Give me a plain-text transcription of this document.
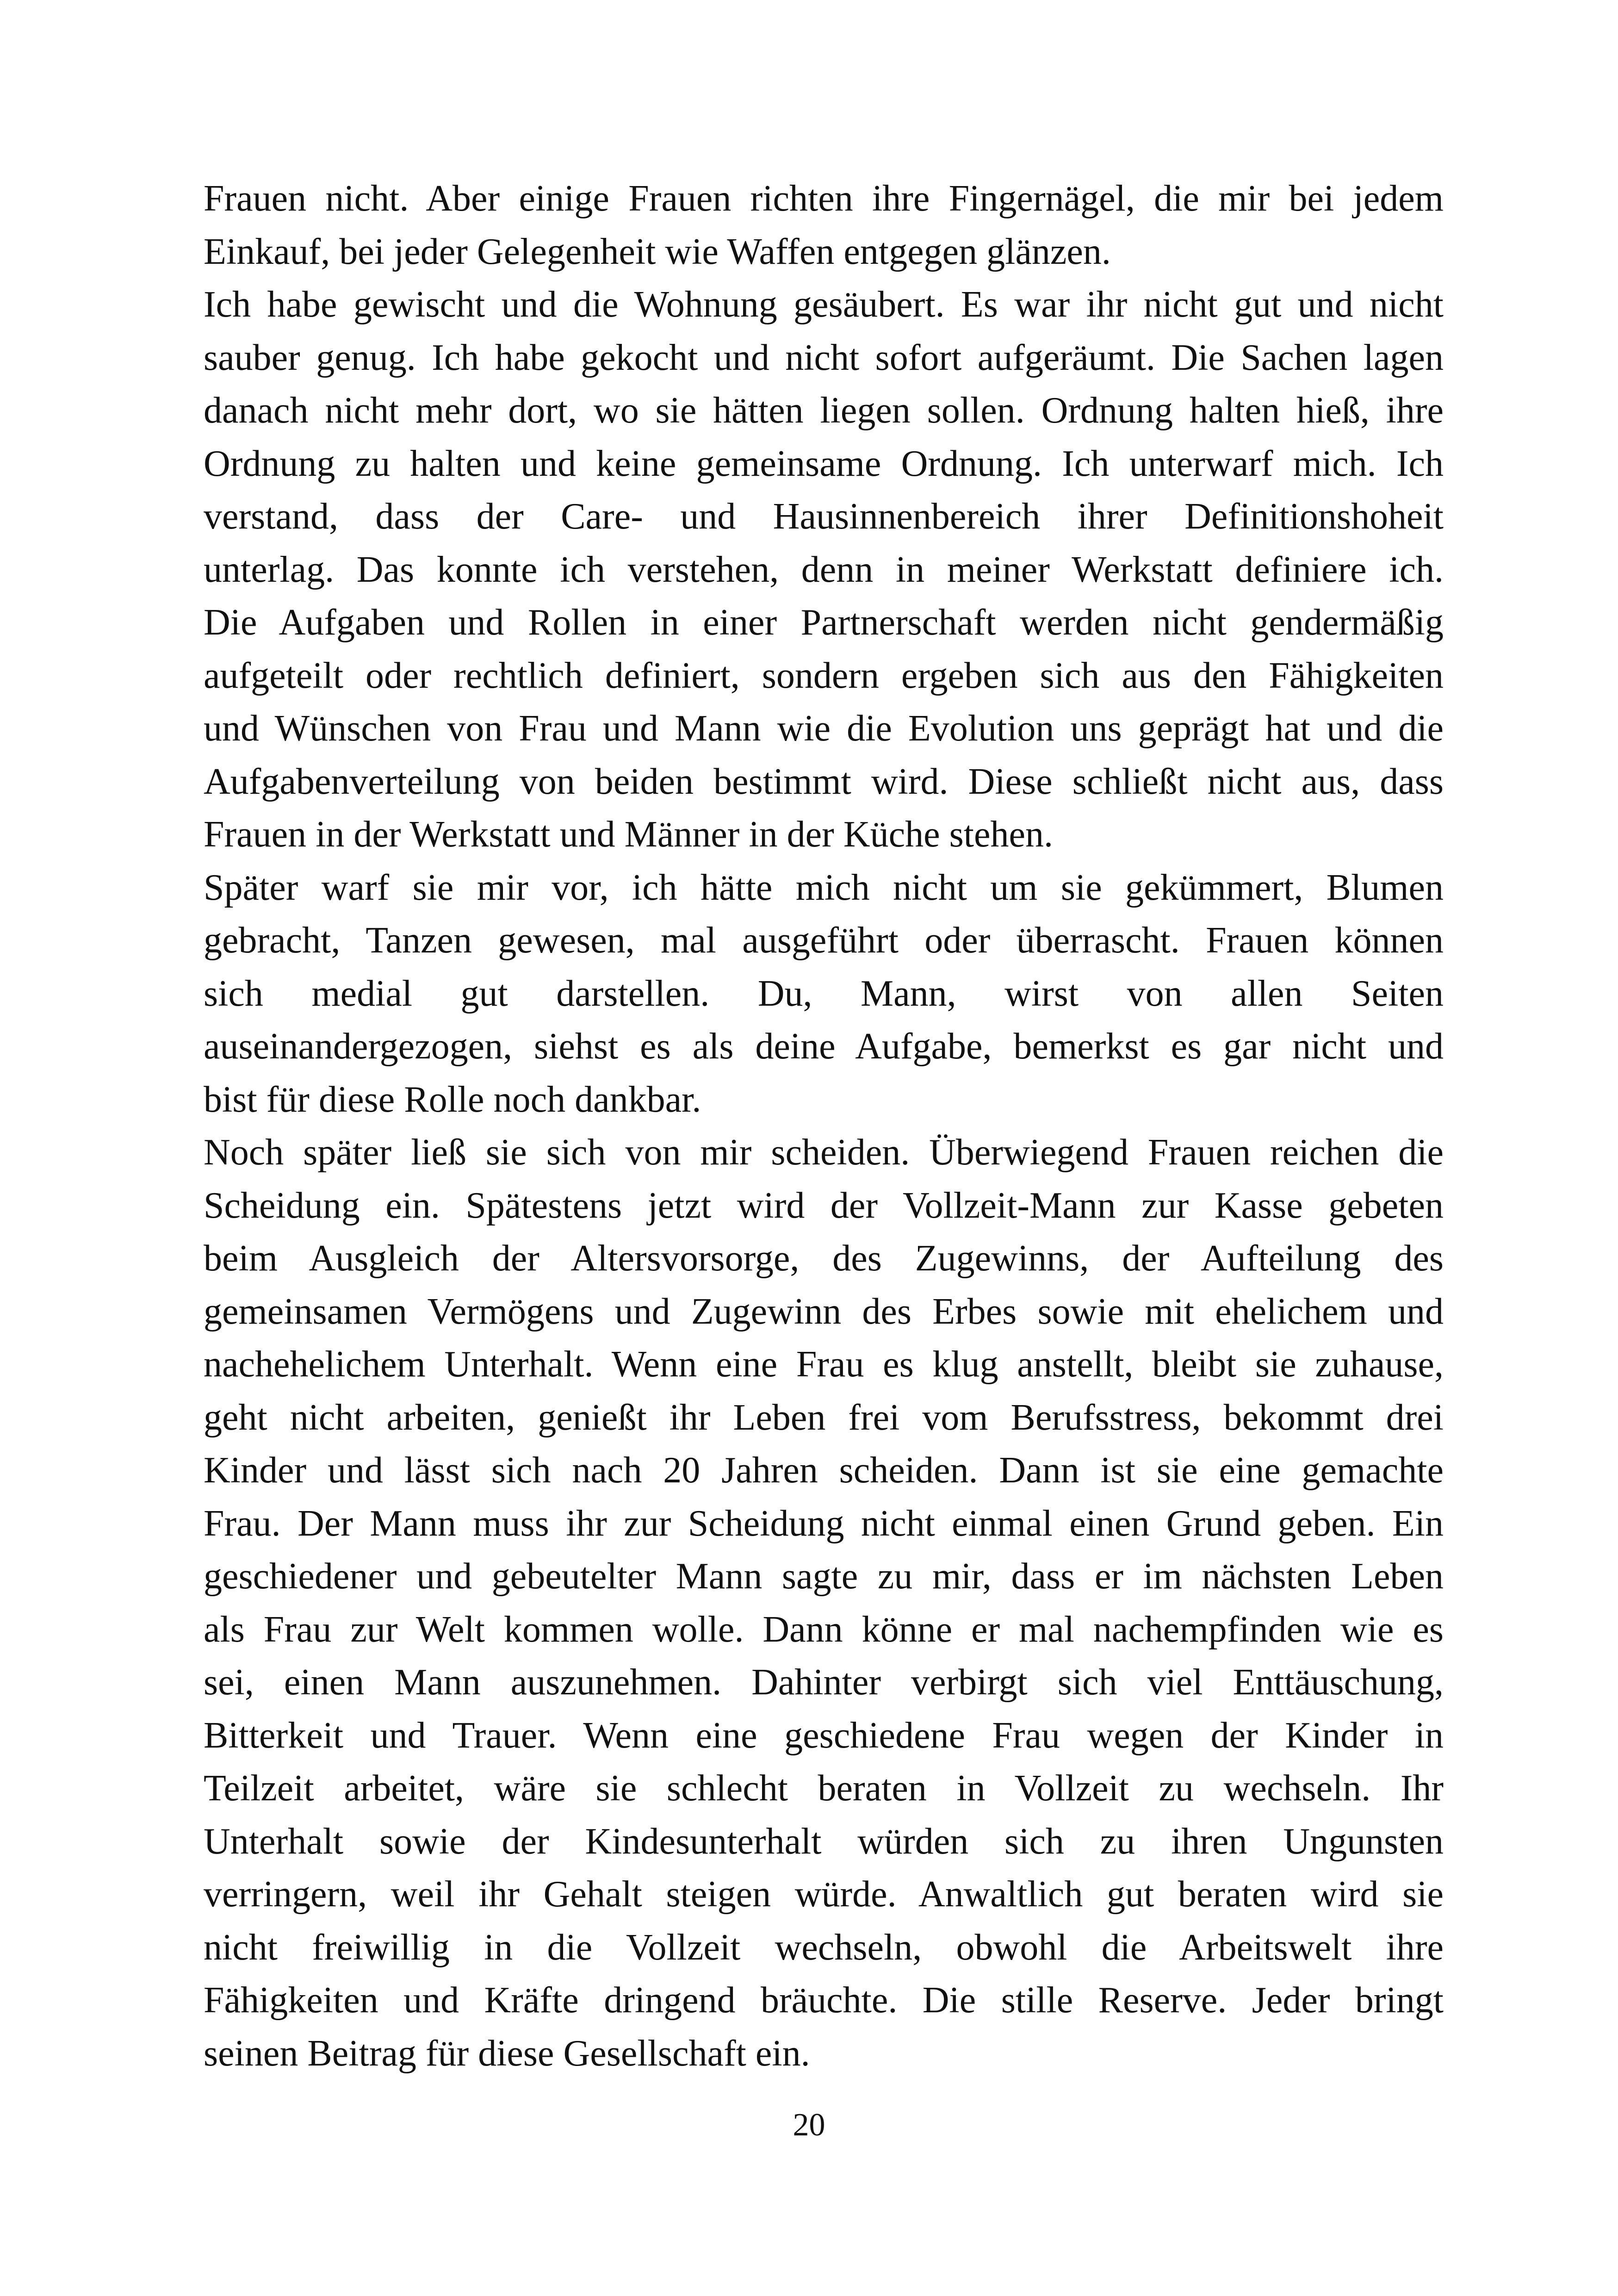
Frauen nicht. Aber einige Frauen richten ihre Fingernägel, die mir bei jedem
Einkauf, bei jeder Gelegenheit wie Waffen entgegen glänzen.

Ich habe gewischt und die Wohnung gesäubert. Es war ihr nicht gut und nicht
sauber genug. Ich habe gekocht und nicht sofort aufgeräumt. Die Sachen lagen
danach nicht mehr dort, wo sie hätten liegen sollen. Ordnung halten hieß, ihre
Ordnung zu halten und keine gemeinsame Ordnung. Ich unterwarf mich. Ich
verstand, dass der Care- und Hausinnenbereich ihrer Definitionshoheit
unterlag. Das konnte ich verstehen, denn in meiner Werkstatt definiere ich.
Die Aufgaben und Rollen in einer Partnerschaft werden nicht gendermäßig
aufgeteilt oder rechtlich definiert, sondern ergeben sich aus den Fähigkeiten
und Wünschen von Frau und Mann wie die Evolution uns geprägt hat und die
Aufgabenverteilung von beiden bestimmt wird. Diese schließt nicht aus, dass
Frauen in der Werkstatt und Männer in der Küche stehen.

Später warf sie mir vor, ich hätte mich nicht um sie gekümmert, Blumen
gebracht, Tanzen gewesen, mal ausgeführt oder überrascht. Frauen können
sich medial gut darstellen. Du, Mann, wirst von allen Seiten
auseinandergezogen, siehst es als deine Aufgabe, bemerkst es gar nicht und
bist für diese Rolle noch dankbar.

Noch später ließ sie sich von mir scheiden. Überwiegend Frauen reichen die
Scheidung ein. Spätestens jetzt wird der Vollzeit-Mann zur Kasse gebeten
beim Ausgleich der Altersvorsorge, des Zugewinns, der Aufteilung des
gemeinsamen Vermögens und Zugewinn des Erbes sowie mit ehelichem und
nachehelichem Unterhalt. Wenn eine Frau es klug anstellt, bleibt sie zuhause,
geht nicht arbeiten, genießt ihr Leben frei vom Berufsstress, bekommt drei
Kinder und lässt sich nach 20 Jahren scheiden. Dann ist sie eine gemachte
Frau. Der Mann muss ihr zur Scheidung nicht einmal einen Grund geben. Ein
geschiedener und gebeutelter Mann sagte zu mir, dass er im nächsten Leben
als Frau zur Welt kommen wolle. Dann könne er mal nachempfinden wie es
sei, einen Mann auszunehmen. Dahinter verbirgt sich viel Enttäuschung,
Bitterkeit und Trauer. Wenn eine geschiedene Frau wegen der Kinder in
Teilzeit arbeitet, wäre sie schlecht beraten in Vollzeit zu wechseln. Ihr
Unterhalt sowie der Kindesunterhalt würden sich zu ihren Ungunsten
verringern, weil ihr Gehalt steigen würde. Anwaltlich gut beraten wird sie
nicht freiwillig in die Vollzeit wechseln, obwohl die Arbeitswelt ihre
Fähigkeiten und Kräfte dringend bräuchte. Die stille Reserve. Jeder bringt
seinen Beitrag für diese Gesellschaft ein.

20
